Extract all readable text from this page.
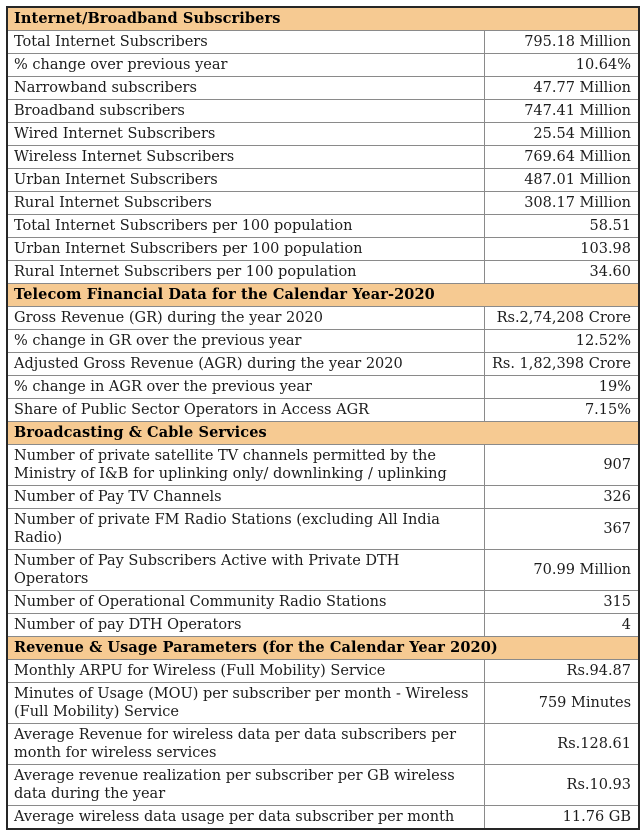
Internet/Broadband Subscribers	
Total Internet Subscribers	795.18 Million
% change over previous year	10.64%
Narrowband subscribers	47.77 Million
Broadband subscribers	747.41 Million
Wired Internet Subscribers	25.54 Million
Wireless Internet Subscribers	769.64 Million
Urban Internet Subscribers	487.01 Million
Rural Internet Subscribers	308.17 Million
Total Internet Subscribers per 100 population	58.51
Urban Internet Subscribers per 100 population	103.98
Rural Internet Subscribers per 100 population	34.60
Telecom Financial Data for the Calendar Year-2020	
Gross Revenue (GR) during the year 2020	Rs.2,74,208 Crore
% change in GR over the previous year	12.52%
Adjusted Gross Revenue (AGR) during the year 2020	Rs. 1,82,398 Crore
% change in AGR over the previous year	19%
Share of Public Sector Operators in Access AGR	7.15%
Broadcasting & Cable Services	
Number of private satellite TV channels permitted by the Ministry of I&B for uplinking only/ downlinking / uplinking	907
Number of Pay TV Channels	326
Number of private FM Radio Stations (excluding All India Radio)	367
Number of Pay Subscribers Active with Private DTH Operators	70.99 Million
Number of Operational Community Radio Stations	315
Number of pay DTH Operators	4
Revenue & Usage Parameters (for the Calendar Year 2020)	
Monthly ARPU for Wireless (Full Mobility) Service	Rs.94.87
Minutes of Usage (MOU) per subscriber per month - Wireless (Full Mobility) Service	759 Minutes
Average Revenue for wireless data per data subscribers per month for wireless services	Rs.128.61
Average revenue realization per subscriber per GB wireless data during the year	Rs.10.93
Average wireless data usage per data subscriber per month	11.76 GB
